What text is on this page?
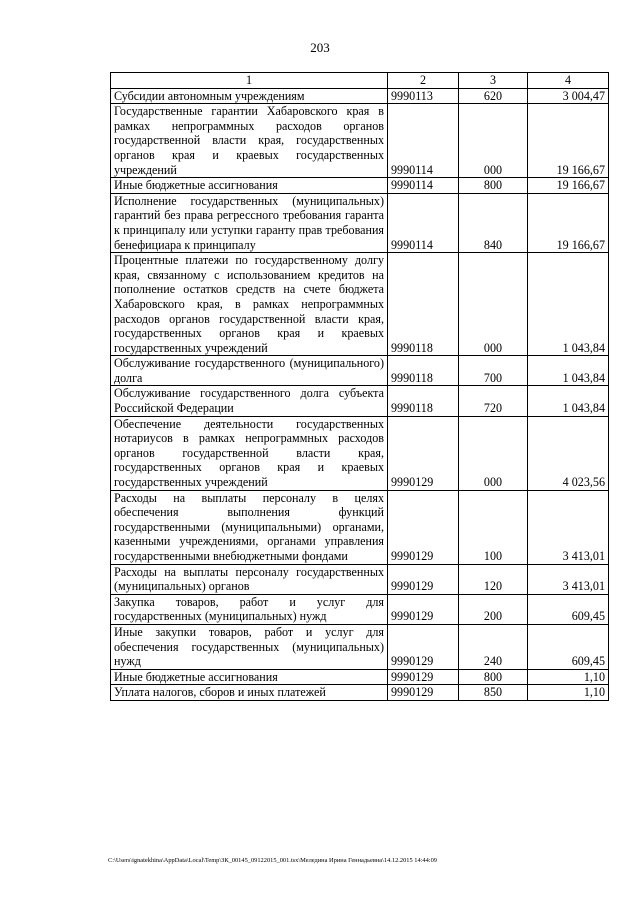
203
1	2	3	4
Субсидии автономным учреждениям	9990113	620	3 004,47
Государственные гарантии Хабаровского края в рамках непрограммных расходов органов государственной власти края, государственных органов края и краевых государственных учреждений	9990114	000	19 166,67
Иные бюджетные ассигнования	9990114	800	19 166,67
Исполнение государственных (муниципальных) гарантий без права регрессного требования гаранта к принципалу или уступки гаранту прав требования бенефициара к принципалу	9990114	840	19 166,67
Процентные платежи по государственному долгу края, связанному с использованием кредитов на пополнение остатков средств на счете бюджета Хабаровского края, в рамках непрограммных расходов органов государственной власти края, государственных органов края и краевых государственных учреждений	9990118	000	1 043,84
Обслуживание государственного (муниципального) долга	9990118	700	1 043,84
Обслуживание государственного долга субъекта Российской Федерации	9990118	720	1 043,84
Обеспечение деятельности государственных нотариусов в рамках непрограммных расходов органов государственной власти края, государственных органов края и краевых государственных учреждений	9990129	000	4 023,56
Расходы на выплаты персоналу в целях обеспечения выполнения функций государственными (муниципальными) органами, казенными учреждениями, органами управления государственными внебюджетными фондами	9990129	100	3 413,01
Расходы на выплаты персоналу государственных (муниципальных) органов	9990129	120	3 413,01
Закупка товаров, работ и услуг для государственных (муниципальных) нужд	9990129	200	609,45
Иные закупки товаров, работ и услуг для обеспечения государственных (муниципальных) нужд	9990129	240	609,45
Иные бюджетные ассигнования	9990129	800	1,10
Уплата налогов, сборов и иных платежей	9990129	850	1,10
C:\Users\ignatekhina\AppData\Local\Temp\ЗК_00145_09122015_001.tsx\Меледина Ирина Геннадьевна\14.12.2015 14:44:09
